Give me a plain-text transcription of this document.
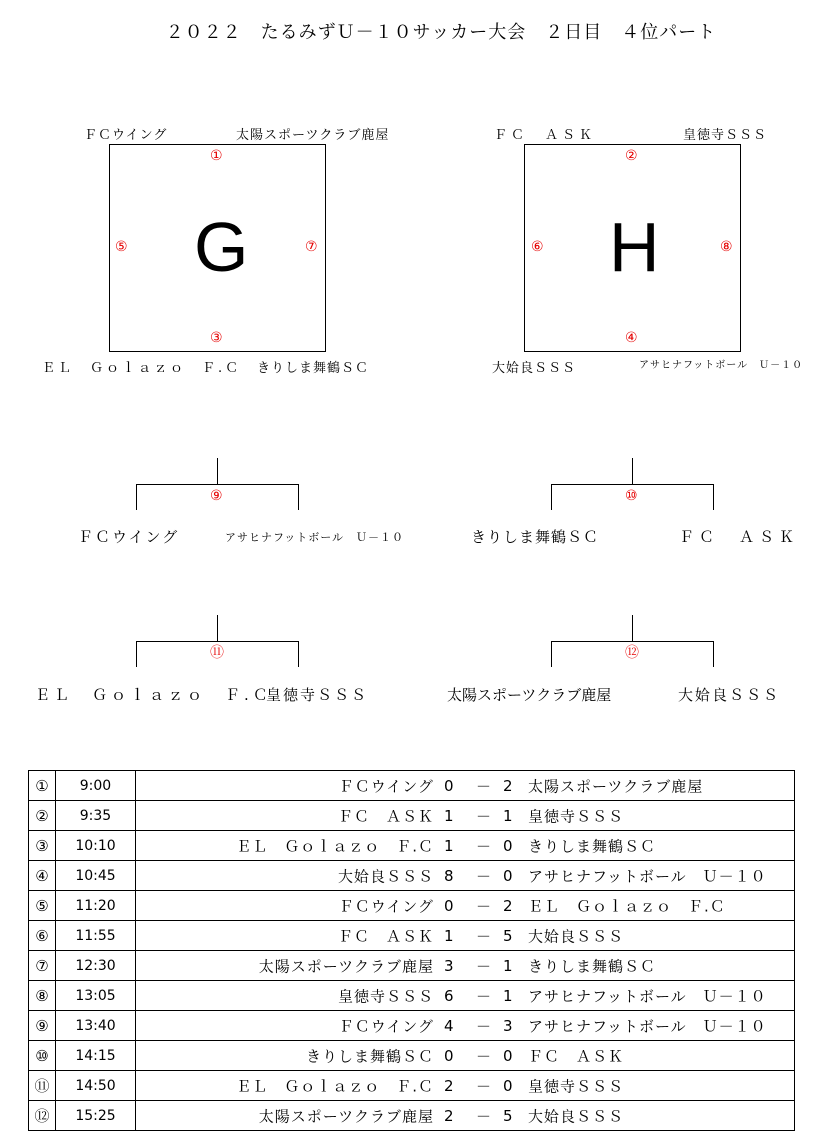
２０２２　たるみずＵ－１０サッカー大会　２日目　４位パート
ＦＣウイング	太陽スポーツクラブ鹿屋
G
①
⑤	⑦
③
ＥＬ　Ｇｏｌａｚｏ　Ｆ.Ｃ きりしま舞鶴ＳＣ
ＦＣ　ＡＳＫ	皇徳寺ＳＳＳ
H
②
⑥	⑧
④
大姶良ＳＳＳ	アサヒナフットボール　Ｕ－１０
⑨
ＦＣウイング	アサヒナフットボール　Ｕ－１０
⑩
きりしま舞鶴ＳＣ	ＦＣ　ＡＳＫ
⑪
ＥＬ　Ｇｏｌａｚｏ　Ｆ.Ｃ
皇徳寺ＳＳＳ
⑫
太陽スポーツクラブ鹿屋	大姶良ＳＳＳ
①	9:00	ＦＣウイング 0 － 2 太陽スポーツクラブ鹿屋

②	9:35	ＦＣ　ＡＳＫ 1 － 1 皇徳寺ＳＳＳ

③	10:10	ＥＬ　Ｇｏｌａｚｏ　Ｆ.Ｃ 1 － 0 きりしま舞鶴ＳＣ

④	10:45	大姶良ＳＳＳ 8 － 0 アサヒナフットボール　Ｕ－１０

⑤	11:20	ＦＣウイング 0 － 2 ＥＬ　Ｇｏｌａｚｏ　Ｆ.Ｃ

⑥	11:55	ＦＣ　ＡＳＫ 1 － 5 大姶良ＳＳＳ

⑦	12:30	太陽スポーツクラブ鹿屋 3 － 1 きりしま舞鶴ＳＣ

⑧	13:05	皇徳寺ＳＳＳ 6 － 1 アサヒナフットボール　Ｕ－１０

⑨	13:40	ＦＣウイング 4 － 3 アサヒナフットボール　Ｕ－１０

⑩	14:15	きりしま舞鶴ＳＣ 0 － 0 ＦＣ　ＡＳＫ

⑪	14:50	ＥＬ　Ｇｏｌａｚｏ　Ｆ.Ｃ 2 － 0 皇徳寺ＳＳＳ

⑫	15:25	太陽スポーツクラブ鹿屋 2 － 5 大姶良ＳＳＳ
